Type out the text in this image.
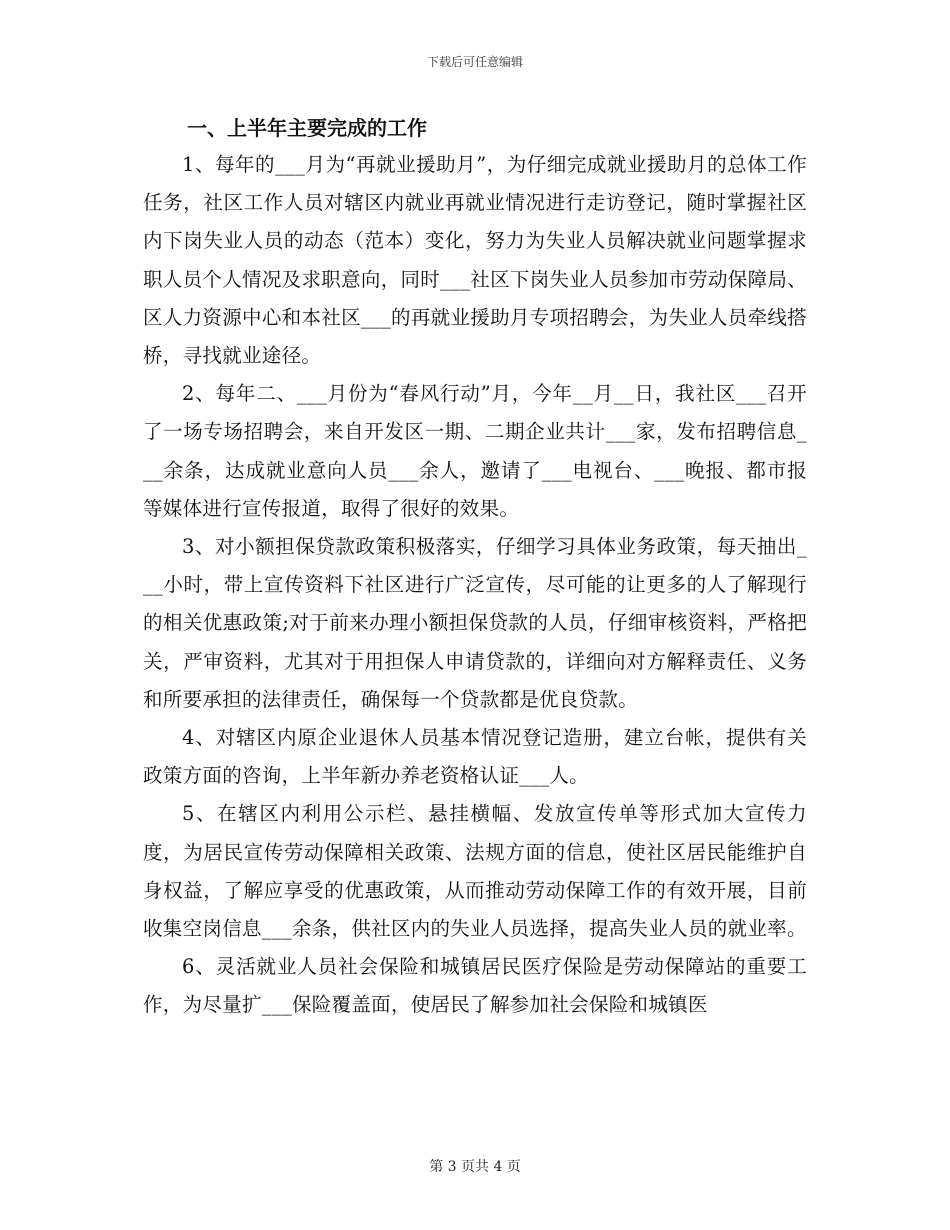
下载后可任意编辑

一、上半年主要完成的工作

1、每年的___月为“再就业援助月”，为仔细完成就业援助月的总体工作任务，社区工作人员对辖区内就业再就业情况进行走访登记，随时掌握社区内下岗失业人员的动态（范本）变化，努力为失业人员解决就业问题掌握求职人员个人情况及求职意向，同时___社区下岗失业人员参加市劳动保障局、区人力资源中心和本社区___的再就业援助月专项招聘会，为失业人员牵线搭桥，寻找就业途径。

2、每年二、___月份为“春风行动”月，今年__月__日，我社区___召开了一场专场招聘会，来自开发区一期、二期企业共计___家，发布招聘信息___余条，达成就业意向人员___余人，邀请了___电视台、___晚报、都市报等媒体进行宣传报道，取得了很好的效果。

3、对小额担保贷款政策积极落实，仔细学习具体业务政策，每天抽出___小时，带上宣传资料下社区进行广泛宣传，尽可能的让更多的人了解现行的相关优惠政策;对于前来办理小额担保贷款的人员，仔细审核资料，严格把关，严审资料，尤其对于用担保人申请贷款的，详细向对方解释责任、义务和所要承担的法律责任，确保每一个贷款都是优良贷款。

4、对辖区内原企业退休人员基本情况登记造册，建立台帐，提供有关政策方面的咨询，上半年新办养老资格认证___人。

5、在辖区内利用公示栏、悬挂横幅、发放宣传单等形式加大宣传力度，为居民宣传劳动保障相关政策、法规方面的信息，使社区居民能维护自身权益，了解应享受的优惠政策，从而推动劳动保障工作的有效开展，目前收集空岗信息___余条，供社区内的失业人员选择，提高失业人员的就业率。

6、灵活就业人员社会保险和城镇居民医疗保险是劳动保障站的重要工作，为尽量扩___保险覆盖面，使居民了解参加社会保险和城镇医

第 3 页共 4 页
